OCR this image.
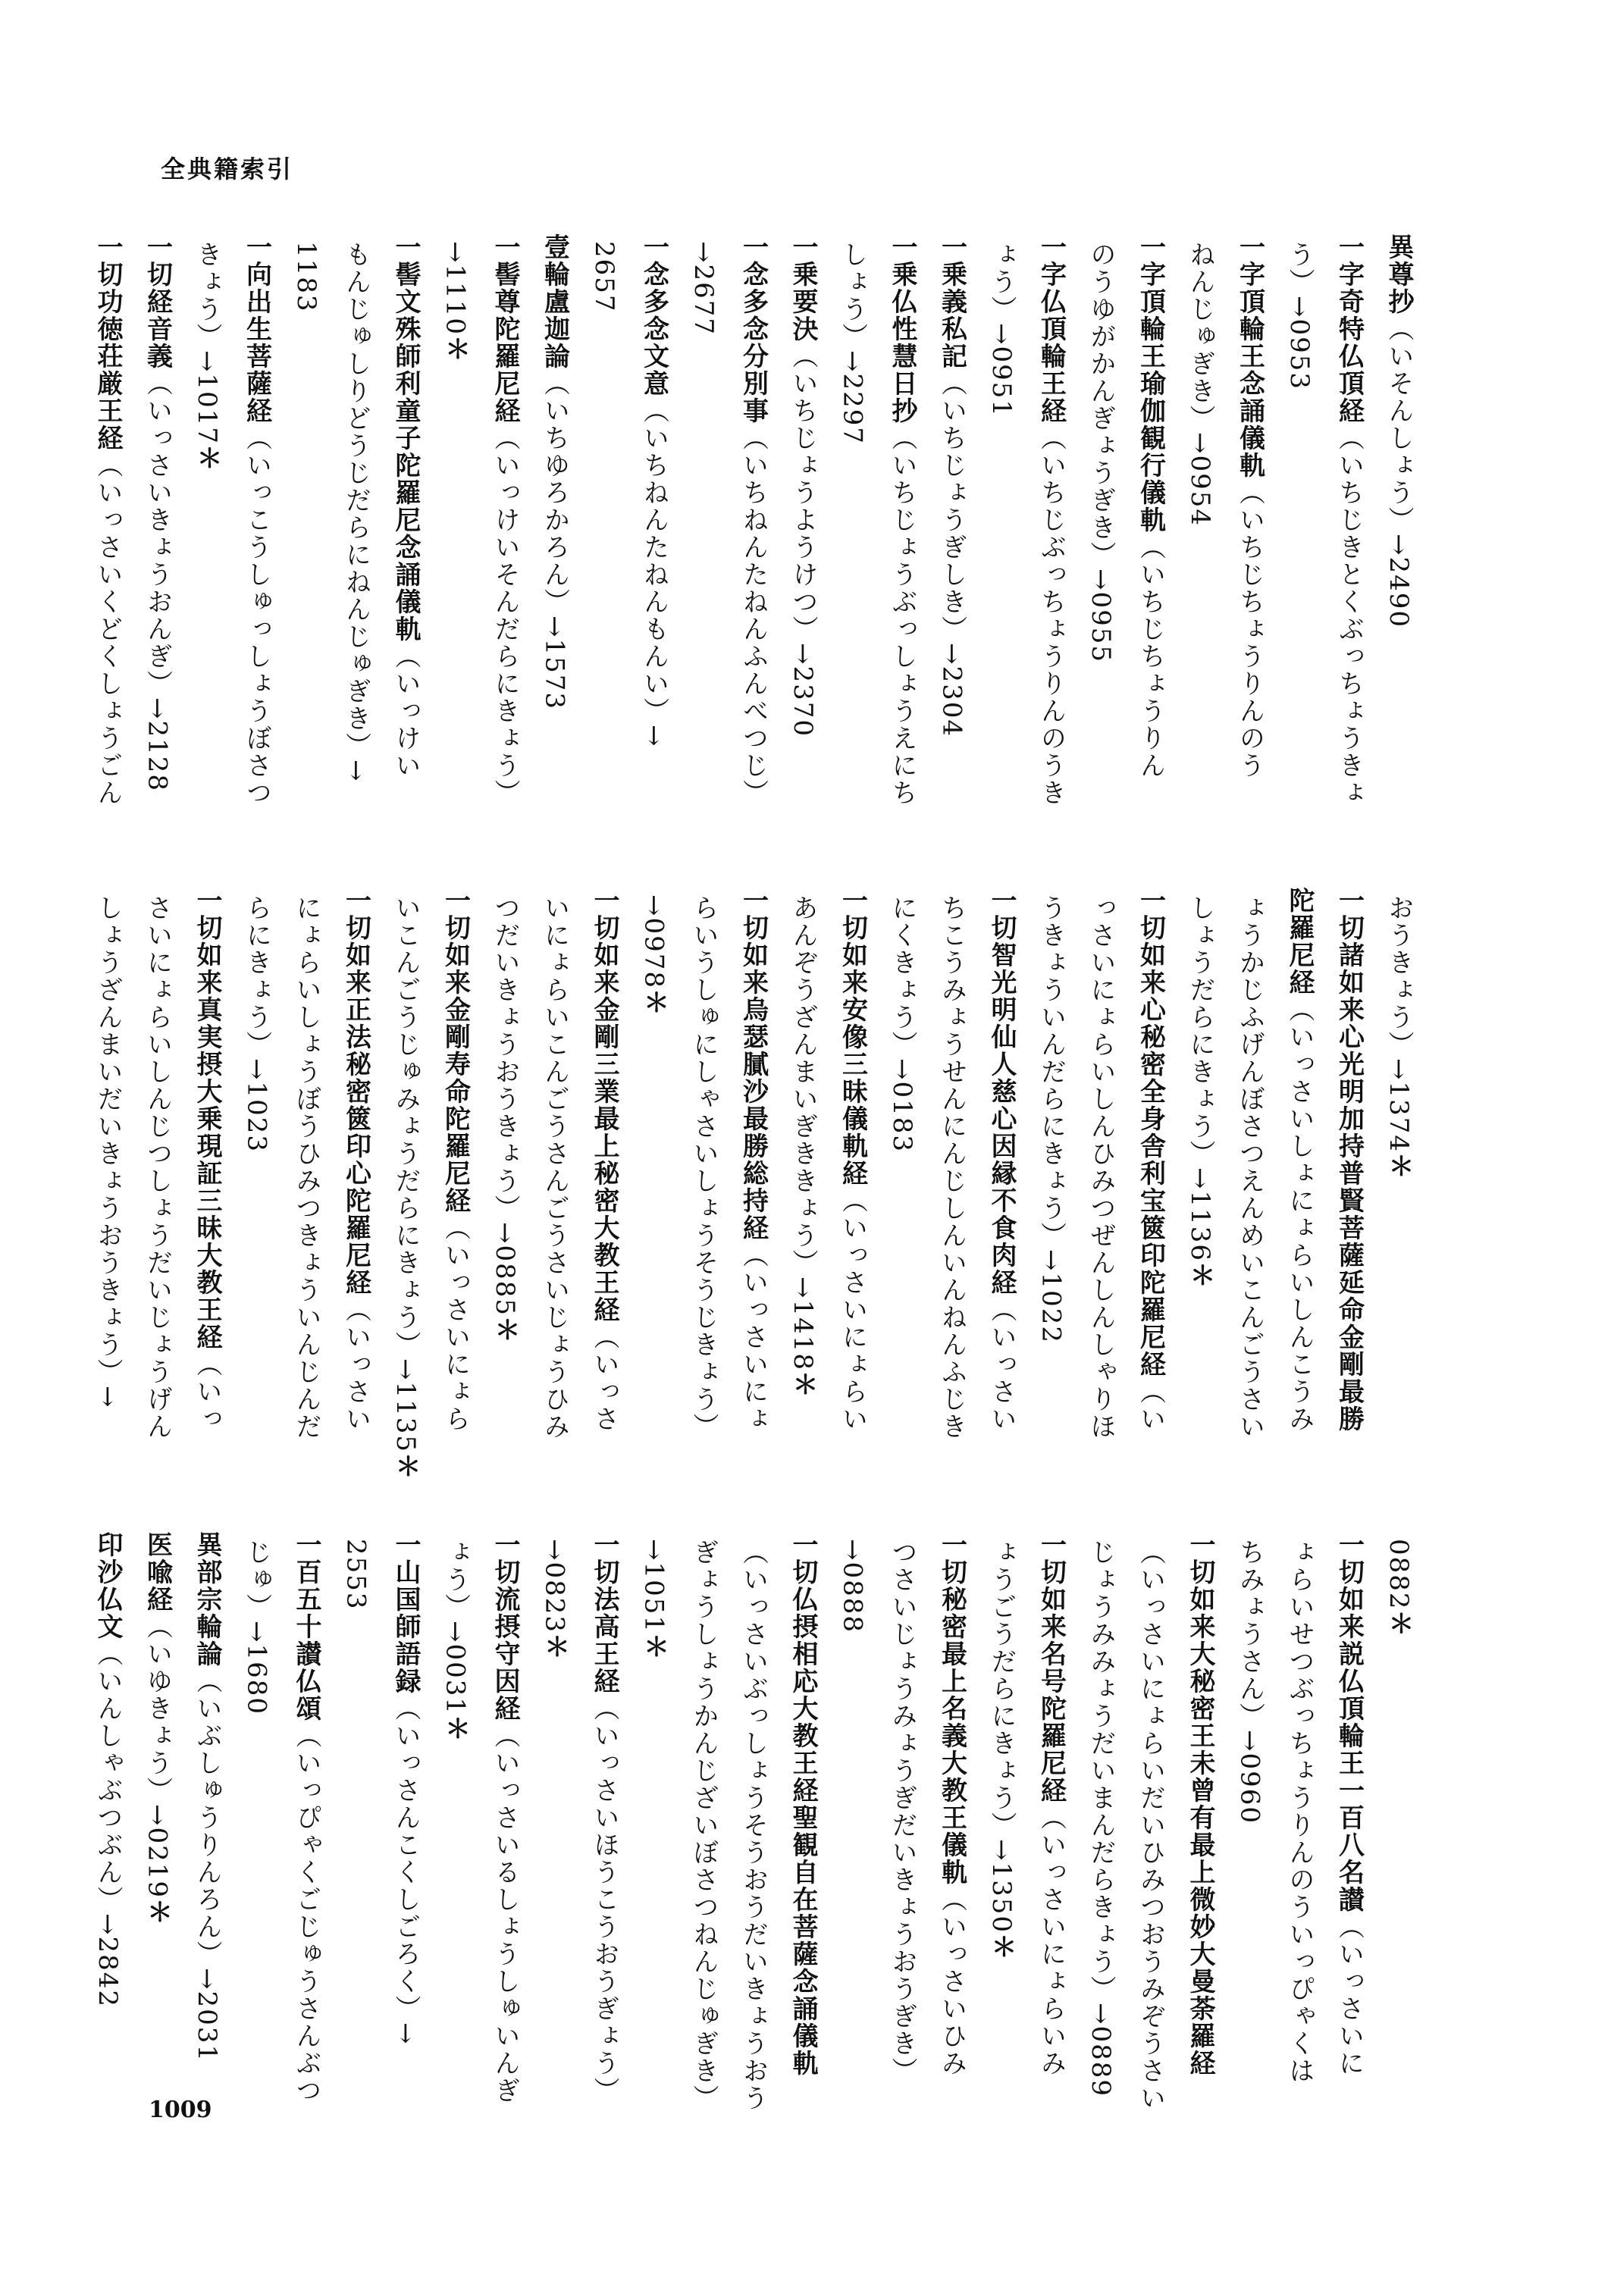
全典籍索引
異尊抄（いそんしょう）→2490
一字奇特仏頂経（いちじきとくぶっちょうきょ
う）→0953
一字頂輪王念誦儀軌（いちじちょうりんのう
ねんじゅぎき）→0954
一字頂輪王瑜伽観行儀軌（いちじちょうりん
のうゆがかんぎょうぎき）→0955
一字仏頂輪王経（いちじぶっちょうりんのうき
ょう）→0951
一乗義私記（いちじょうぎしき）→2304
一乗仏性慧日抄（いちじょうぶっしょうえにち
しょう）→2297
一乗要決（いちじょうようけつ）→2370
一念多念分別事（いちねんたねんふんべつじ）
→2677
一念多念文意（いちねんたねんもんい）→
2657
壹輪盧迦論（いちゆろかろん）→1573
一髻尊陀羅尼経（いっけいそんだらにきょう）
→1110＊
一髻文殊師利童子陀羅尼念誦儀軌（いっけい
もんじゅしりどうじだらにねんじゅぎき）→
1183
一向出生菩薩経（いっこうしゅっしょうぼさつ
きょう）→1017＊
一切経音義（いっさいきょうおんぎ）→2128
一切功徳荘厳王経（いっさいくどくしょうごん
おうきょう）→1374＊
一切諸如来心光明加持普賢菩薩延命金剛最勝
陀羅尼経（いっさいしょにょらいしんこうみ
ょうかじふげんぼさつえんめいこんごうさい
しょうだらにきょう）→1136＊
一切如来心秘密全身舎利宝篋印陀羅尼経（い
っさいにょらいしんひみつぜんしんしゃりほ
うきょういんだらにきょう）→1022
一切智光明仙人慈心因縁不食肉経（いっさい
ちこうみょうせんにんじしんいんねんふじき
にくきょう）→0183
一切如来安像三昧儀軌経（いっさいにょらい
あんぞうざんまいぎききょう）→1418＊
一切如来烏瑟膩沙最勝総持経（いっさいにょ
らいうしゅにしゃさいしょうそうじきょう）
→0978＊
一切如来金剛三業最上秘密大教王経（いっさ
いにょらいこんごうさんごうさいじょうひみ
つだいきょうおうきょう）→0885＊
一切如来金剛寿命陀羅尼経（いっさいにょら
いこんごうじゅみょうだらにきょう）→1135＊
一切如来正法秘密篋印心陀羅尼経（いっさい
にょらいしょうぼうひみつきょういんじんだ
らにきょう）→1023
一切如来真実摂大乗現証三昧大教王経（いっ
さいにょらいしんじつしょうだいじょうげん
しょうざんまいだいきょうおうきょう）→
0882＊
一切如来説仏頂輪王一百八名讃（いっさいに
ょらいせつぶっちょうりんのういっぴゃくは
ちみょうさん）→0960
一切如来大秘密王未曾有最上微妙大曼荼羅経
（いっさいにょらいだいひみつおうみぞうさい
じょうみみょうだいまんだらきょう）→0889
一切如来名号陀羅尼経（いっさいにょらいみ
ょうごうだらにきょう）→1350＊
一切秘密最上名義大教王儀軌（いっさいひみ
つさいじょうみょうぎだいきょうおうぎき）
→0888
一切仏摂相応大教王経聖観自在菩薩念誦儀軌
（いっさいぶっしょうそうおうだいきょうおう
ぎょうしょうかんじざいぼさつねんじゅぎき）
→1051＊
一切法高王経（いっさいほうこうおうぎょう）
→0823＊
一切流摂守因経（いっさいるしょうしゅいんぎ
ょう）→0031＊
一山国師語録（いっさんこくしごろく）→
2553
一百五十讃仏頌（いっぴゃくごじゅうさんぶつ
じゅ）→1680
異部宗輪論（いぶしゅうりんろん）→2031
医喩経（いゆきょう）→0219＊
印沙仏文（いんしゃぶつぶん）→2842
1009
